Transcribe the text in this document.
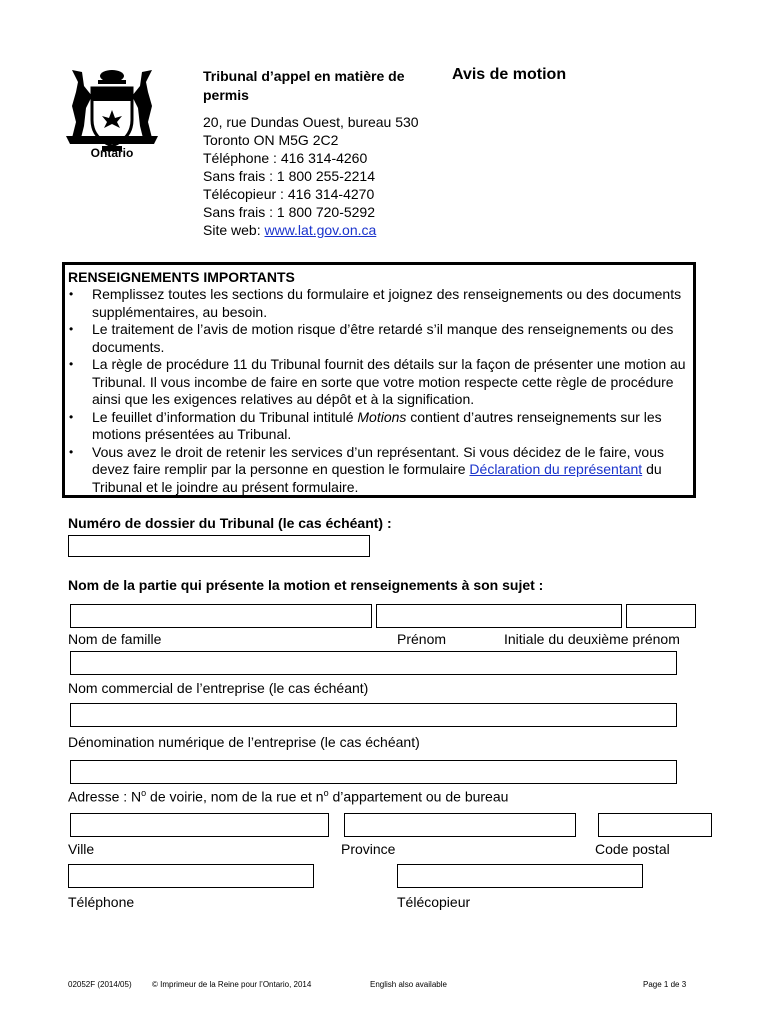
Ontario
Tribunal d’appel en matière de permis
Avis de motion
20, rue Dundas Ouest, bureau 530
Toronto ON M5G 2C2
Téléphone : 416 314-4260
Sans frais : 1 800 255-2214
Télécopieur : 416 314-4270
Sans frais : 1 800 720-5292
Site web: www.lat.gov.on.ca
RENSEIGNEMENTS IMPORTANTS
• Remplissez toutes les sections du formulaire et joignez des renseignements ou des documents supplémentaires, au besoin.
• Le traitement de l’avis de motion risque d’être retardé s’il manque des renseignements ou des documents.
• La règle de procédure 11 du Tribunal fournit des détails sur la façon de présenter une motion au Tribunal. Il vous incombe de faire en sorte que votre motion respecte cette règle de procédure ainsi que les exigences relatives au dépôt et à la signification.
• Le feuillet d’information du Tribunal intitulé Motions contient d’autres renseignements sur les motions présentées au Tribunal.
• Vous avez le droit de retenir les services d’un représentant. Si vous décidez de le faire, vous devez faire remplir par la personne en question le formulaire Déclaration du représentant du Tribunal et le joindre au présent formulaire.
Numéro de dossier du Tribunal (le cas échéant) :
Nom de la partie qui présente la motion et renseignements à son sujet :
Nom de famille	Prénom	Initiale du deuxième prénom
Nom commercial de l’entreprise (le cas échéant)
Dénomination numérique de l’entreprise (le cas échéant)
Adresse : $N^o$ de voirie, nom de la rue et $n^o$ d’appartement ou de bureau
Ville	Province	Code postal
Téléphone	Télécopieur
02052F (2014/05)	© Imprimeur de la Reine pour l’Ontario, 2014	English also available	Page 1 de 3
